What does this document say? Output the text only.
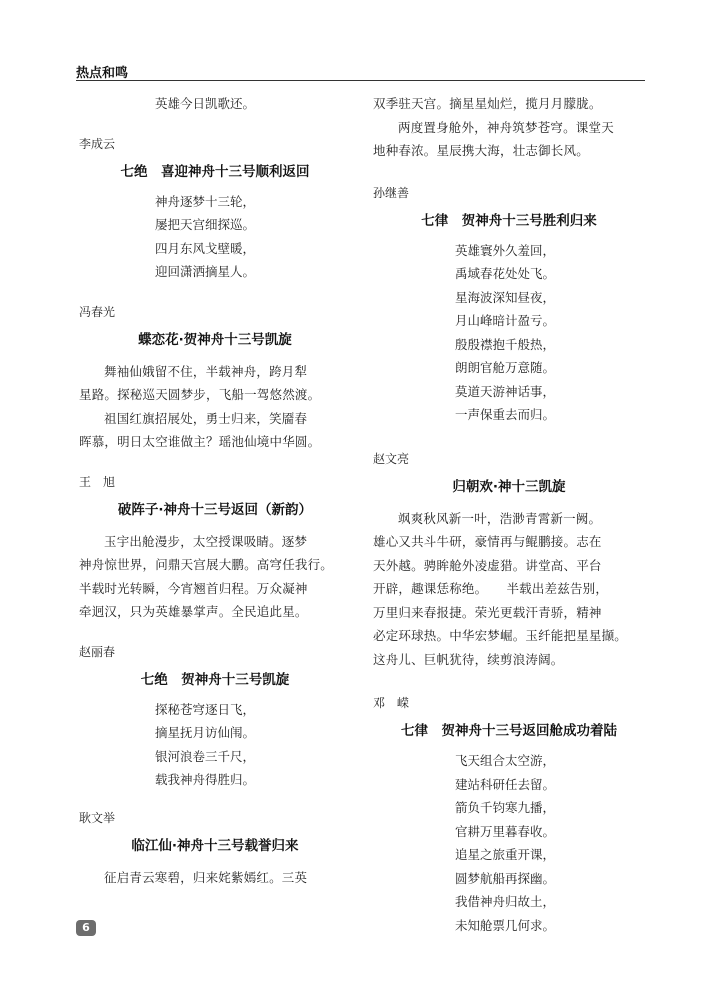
热点和鸣
英雄今日凯歌还。

李成云

七绝　喜迎神舟十三号顺利返回

神舟逐梦十三轮，
屡把天宫细探巡。
四月东风戈壁暖，
迎回潇洒摘星人。

冯春光

蝶恋花·贺神舟十三号凯旋

舞袖仙娥留不住，半载神舟，跨月犁

星路。探秘巡天圆梦步，飞船一驾悠然渡。

祖国红旗招展处，勇士归来，笑靥春

晖慕，明日太空谁做主？瑶池仙境中华圆。

王　旭

破阵子·神舟十三号返回（新韵）

玉宇出舱漫步，太空授课吸睛。逐梦

神舟惊世界，问鼎天宫展大鹏。高穹任我行。

半载时光转瞬，今宵翘首归程。万众凝神

牵迥汉，只为英雄暴掌声。全民追此星。

赵丽春

七绝　贺神舟十三号凯旋

探秘苍穹逐日飞，
摘星抚月访仙闱。
银河浪卷三千尺，
载我神舟得胜归。

耿文举

临江仙·神舟十三号载誉归来

征启青云寒碧，归来姹紫嫣红。三英

双季驻天宫。摘星星灿烂，揽月月朦胧。

两度置身舱外，神舟筑梦苍穹。课堂天

地种春浓。星辰携大海，壮志御长风。

孙继善

七律　贺神舟十三号胜利归来

英雄寰外久羞回，
禹域春花处处飞。
星海波深知昼夜，
月山峰暗计盈亏。
殷殷襟抱千般热，
朗朗官舱万意随。
莫道天游神话事，
一声保重去而归。

赵文亮

归朝欢·神十三凯旋

飒爽秋风新一叶，浩渺青霄新一阙。

雄心又共斗牛研，豪情再与鲲鹏接。志在

天外越。骋眸舱外凌虚猎。讲堂高、平台

开辟，趣课恁称绝。　　半载出差兹告别，

万里归来春报捷。荣光更载汗青骄，精神

必定环球热。中华宏梦崛。玉纤能把星星撷。

这舟儿、巨帆犹待，续剪浪涛阔。

邓　嵘

七律　贺神舟十三号返回舱成功着陆

飞天组合太空游，
建站科研任去留。
箭负千钧寒九播，
官耕万里暮春收。
追星之旅重开课，
圆梦航船再探幽。
我借神舟归故土，
未知舱票几何求。
6
